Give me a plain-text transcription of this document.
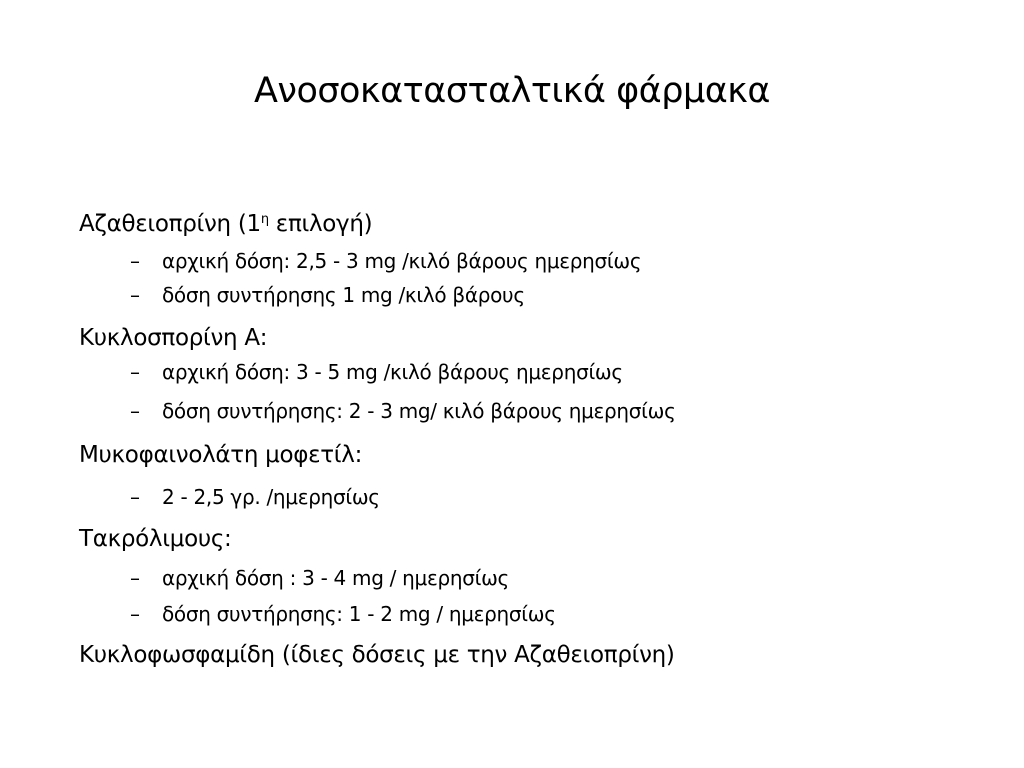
Ανοσοκατασταλτικά φάρμακα
Αζαθειοπρίνη ($1^\eta$ επιλογή)
– αρχική δόση: 2,5 - 3 mg /κιλό βάρους ημερησίως
– δόση συντήρησης 1 mg /κιλό βάρους
Κυκλοσπορίνη Α:
– αρχική δόση: 3 - 5 mg /κιλό βάρους ημερησίως
– δόση συντήρησης: 2 - 3 mg/ κιλό βάρους ημερησίως
Μυκοφαινολάτη μοφετίλ:
– 2 - 2,5 γρ. /ημερησίως
Τακρόλιμους:
– αρχική δόση : 3 - 4 mg / ημερησίως
– δόση συντήρησης: 1 - 2 mg / ημερησίως
Κυκλοφωσφαμίδη (ίδιες δόσεις με την Αζαθειοπρίνη)
